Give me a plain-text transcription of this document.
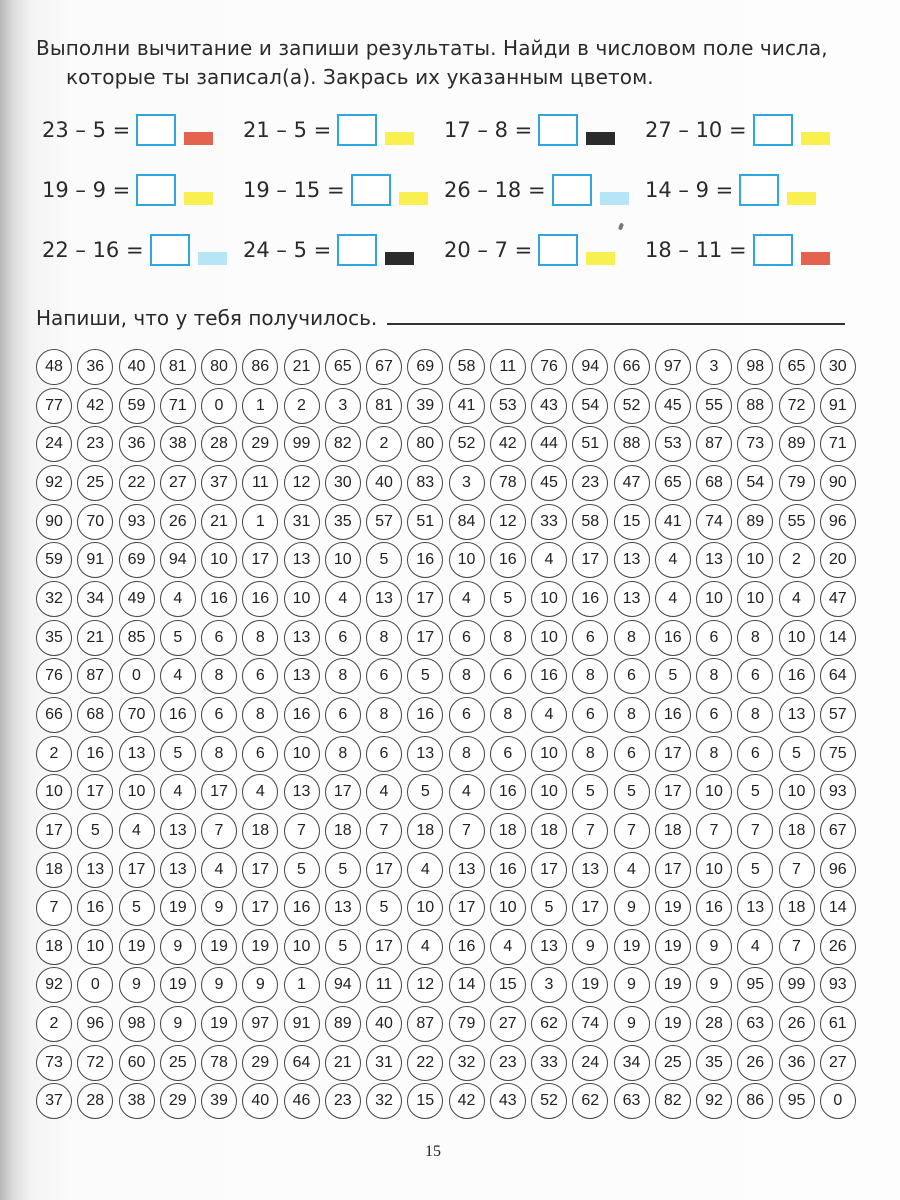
Выполни вычитание и запиши результаты. Найди в числовом поле числа,
которые ты записал(а). Закрась их указанным цветом.
23 – 5 =	21 – 5 =	17 – 8 =	27 – 10 =
19 – 9 =	19 – 15 =	26 – 18 =	14 – 9 =
22 – 16 =	24 – 5 =	20 – 7 =	18 – 11 =
Напиши, что у тебя получилось.
48	36	40	81	80	86	21	65	67	69	58	11	76	94	66	97	3	98	65	30
77	42	59	71	0	1	2	3	81	39	41	53	43	54	52	45	55	88	72	91
24	23	36	38	28	29	99	82	2	80	52	42	44	51	88	53	87	73	89	71
92	25	22	27	37	11	12	30	40	83	3	78	45	23	47	65	68	54	79	90
90	70	93	26	21	1	31	35	57	51	84	12	33	58	15	41	74	89	55	96
59	91	69	94	10	17	13	10	5	16	10	16	4	17	13	4	13	10	2	20
32	34	49	4	16	16	10	4	13	17	4	5	10	16	13	4	10	10	4	47
35	21	85	5	6	8	13	6	8	17	6	8	10	6	8	16	6	8	10	14
76	87	0	4	8	6	13	8	6	5	8	6	16	8	6	5	8	6	16	64
66	68	70	16	6	8	16	6	8	16	6	8	4	6	8	16	6	8	13	57
2	16	13	5	8	6	10	8	6	13	8	6	10	8	6	17	8	6	5	75
10	17	10	4	17	4	13	17	4	5	4	16	10	5	5	17	10	5	10	93
17	5	4	13	7	18	7	18	7	18	7	18	18	7	7	18	7	7	18	67
18	13	17	13	4	17	5	5	17	4	13	16	17	13	4	17	10	5	7	96
7	16	5	19	9	17	16	13	5	10	17	10	5	17	9	19	16	13	18	14
18	10	19	9	19	19	10	5	17	4	16	4	13	9	19	19	9	4	7	26
92	0	9	19	9	9	1	94	11	12	14	15	3	19	9	19	9	95	99	93
2	96	98	9	19	97	91	89	40	87	79	27	62	74	9	19	28	63	26	61
73	72	60	25	78	29	64	21	31	22	32	23	33	24	34	25	35	26	36	27
37	28	38	29	39	40	46	23	32	15	42	43	52	62	63	82	92	86	95	0
15
